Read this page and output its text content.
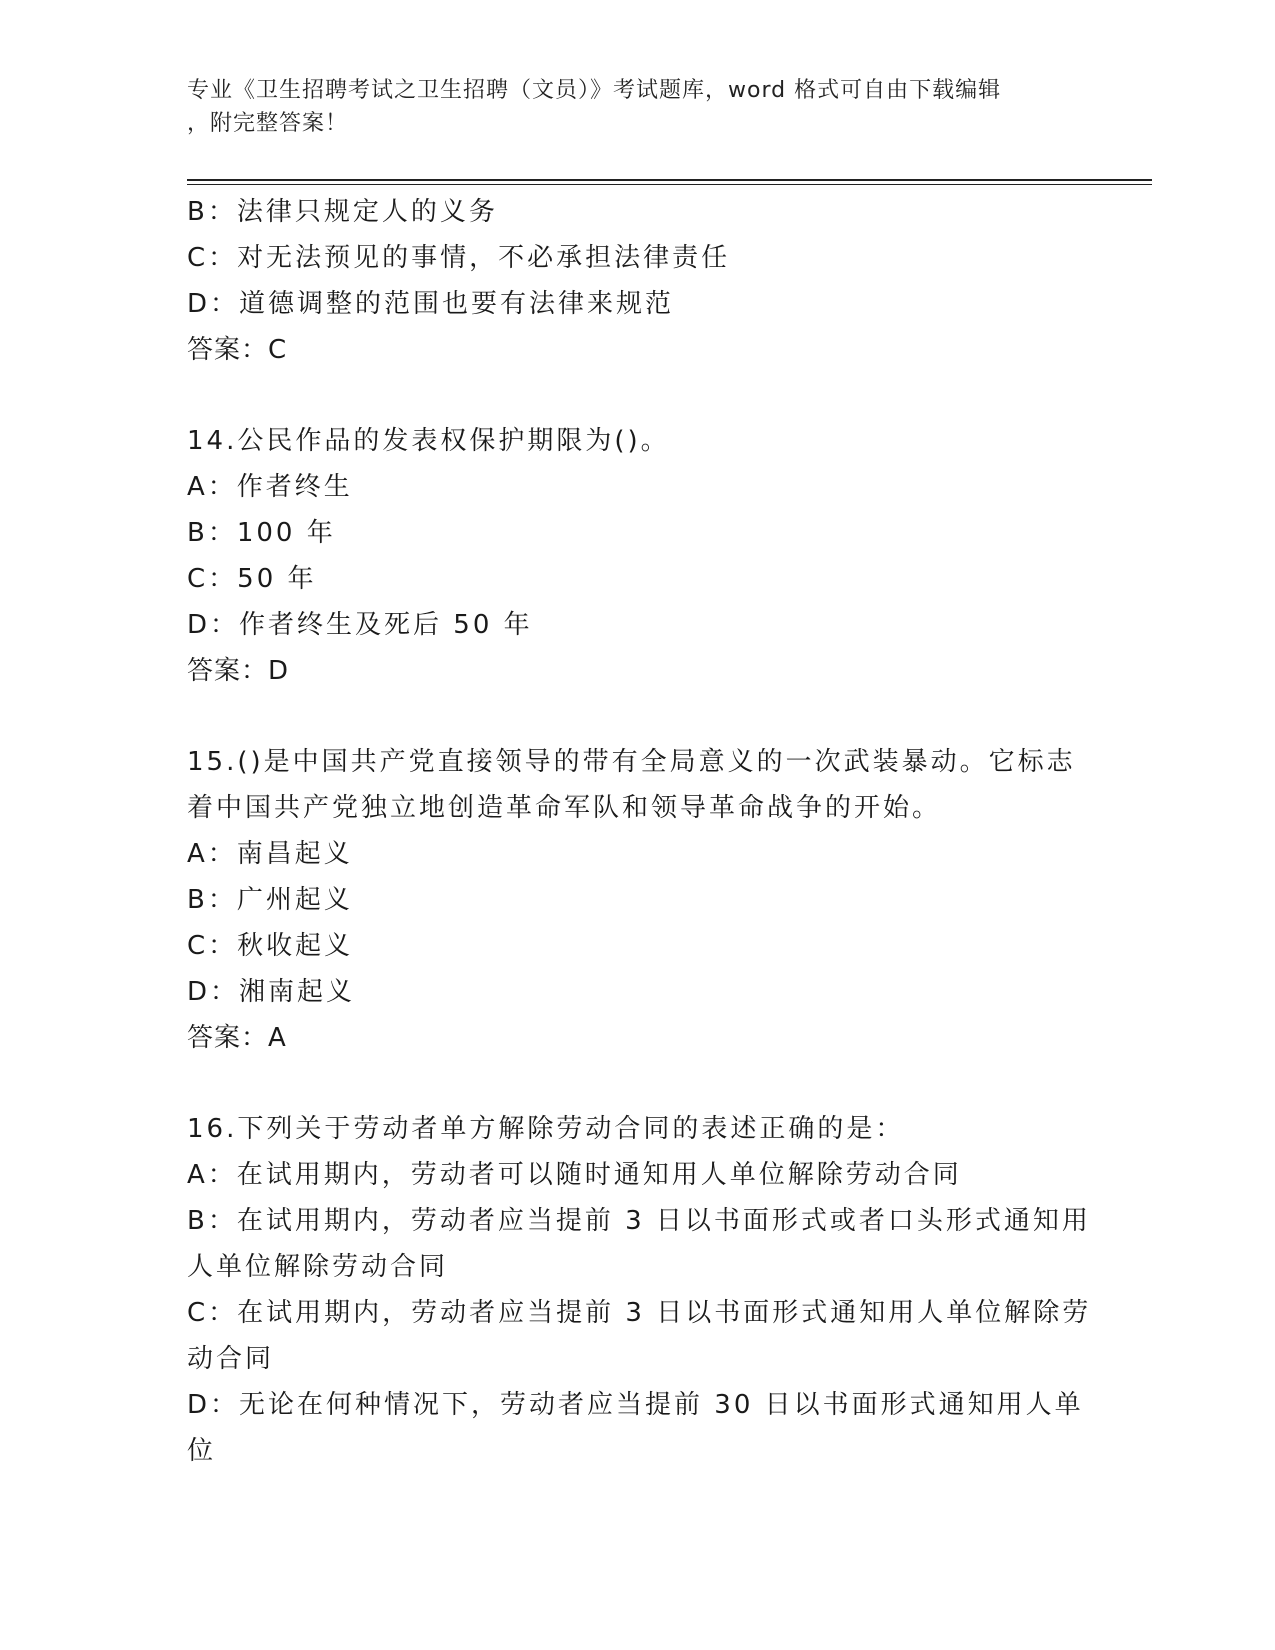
专业《卫生招聘考试之卫生招聘（文员）》考试题库，word 格式可自由下载编辑
，附完整答案！
B：法律只规定人的义务
C：对无法预见的事情，不必承担法律责任
D：道德调整的范围也要有法律来规范
答案：C
14.公民作品的发表权保护期限为()。
A：作者终生
B：100 年
C：50 年
D：作者终生及死后 50 年
答案：D
15.()是中国共产党直接领导的带有全局意义的一次武装暴动。它标志
着中国共产党独立地创造革命军队和领导革命战争的开始。
A：南昌起义
B：广州起义
C：秋收起义
D：湘南起义
答案：A
16.下列关于劳动者单方解除劳动合同的表述正确的是：
A：在试用期内，劳动者可以随时通知用人单位解除劳动合同
B：在试用期内，劳动者应当提前 3 日以书面形式或者口头形式通知用
人单位解除劳动合同
C：在试用期内，劳动者应当提前 3 日以书面形式通知用人单位解除劳
动合同
D：无论在何种情况下，劳动者应当提前 30 日以书面形式通知用人单
位
